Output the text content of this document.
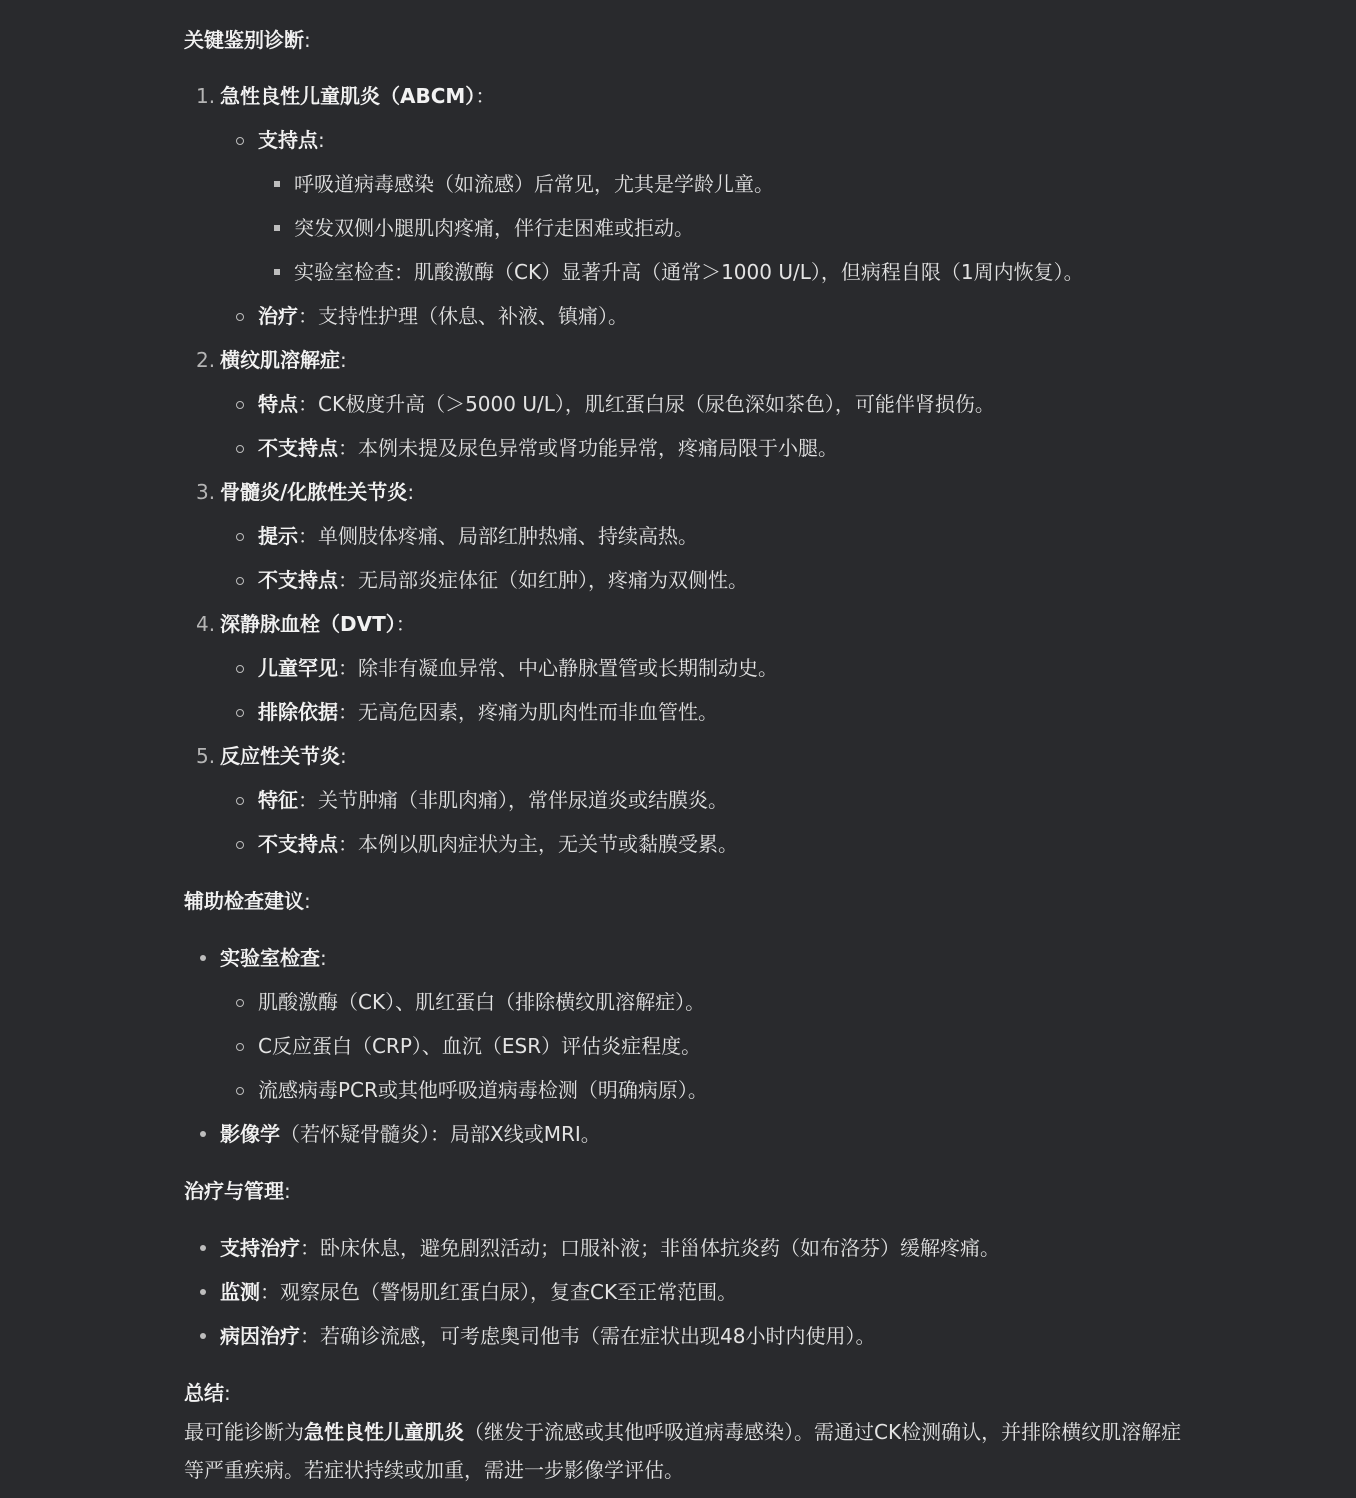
关键鉴别诊断:
1. 急性良性儿童肌炎（ABCM）：
支持点:
呼吸道病毒感染（如流感）后常见，尤其是学龄儿童。
突发双侧小腿肌肉疼痛，伴行走困难或拒动。
实验室检查：肌酸激酶（CK）显著升高（通常＞1000 U/L），但病程自限（1周内恢复）。
治疗：支持性护理（休息、补液、镇痛）。
2. 横纹肌溶解症:
特点：CK极度升高（＞5000 U/L），肌红蛋白尿（尿色深如茶色），可能伴肾损伤。
不支持点：本例未提及尿色异常或肾功能异常，疼痛局限于小腿。
3. 骨髓炎/化脓性关节炎:
提示：单侧肢体疼痛、局部红肿热痛、持续高热。
不支持点：无局部炎症体征（如红肿），疼痛为双侧性。
4. 深静脉血栓（DVT）：
儿童罕见：除非有凝血异常、中心静脉置管或长期制动史。
排除依据：无高危因素，疼痛为肌肉性而非血管性。
5. 反应性关节炎:
特征：关节肿痛（非肌肉痛），常伴尿道炎或结膜炎。
不支持点：本例以肌肉症状为主，无关节或黏膜受累。
辅助检查建议:
实验室检查:
肌酸激酶（CK）、肌红蛋白（排除横纹肌溶解症）。
C反应蛋白（CRP）、血沉（ESR）评估炎症程度。
流感病毒PCR或其他呼吸道病毒检测（明确病原）。
影像学（若怀疑骨髓炎）：局部X线或MRI。
治疗与管理:
支持治疗：卧床休息，避免剧烈活动；口服补液；非甾体抗炎药（如布洛芬）缓解疼痛。
监测：观察尿色（警惕肌红蛋白尿），复查CK至正常范围。
病因治疗：若确诊流感，可考虑奥司他韦（需在症状出现48小时内使用）。
总结:
最可能诊断为急性良性儿童肌炎（继发于流感或其他呼吸道病毒感染）。需通过CK检测确认，并排除横纹肌溶解症等严重疾病。若症状持续或加重，需进一步影像学评估。
